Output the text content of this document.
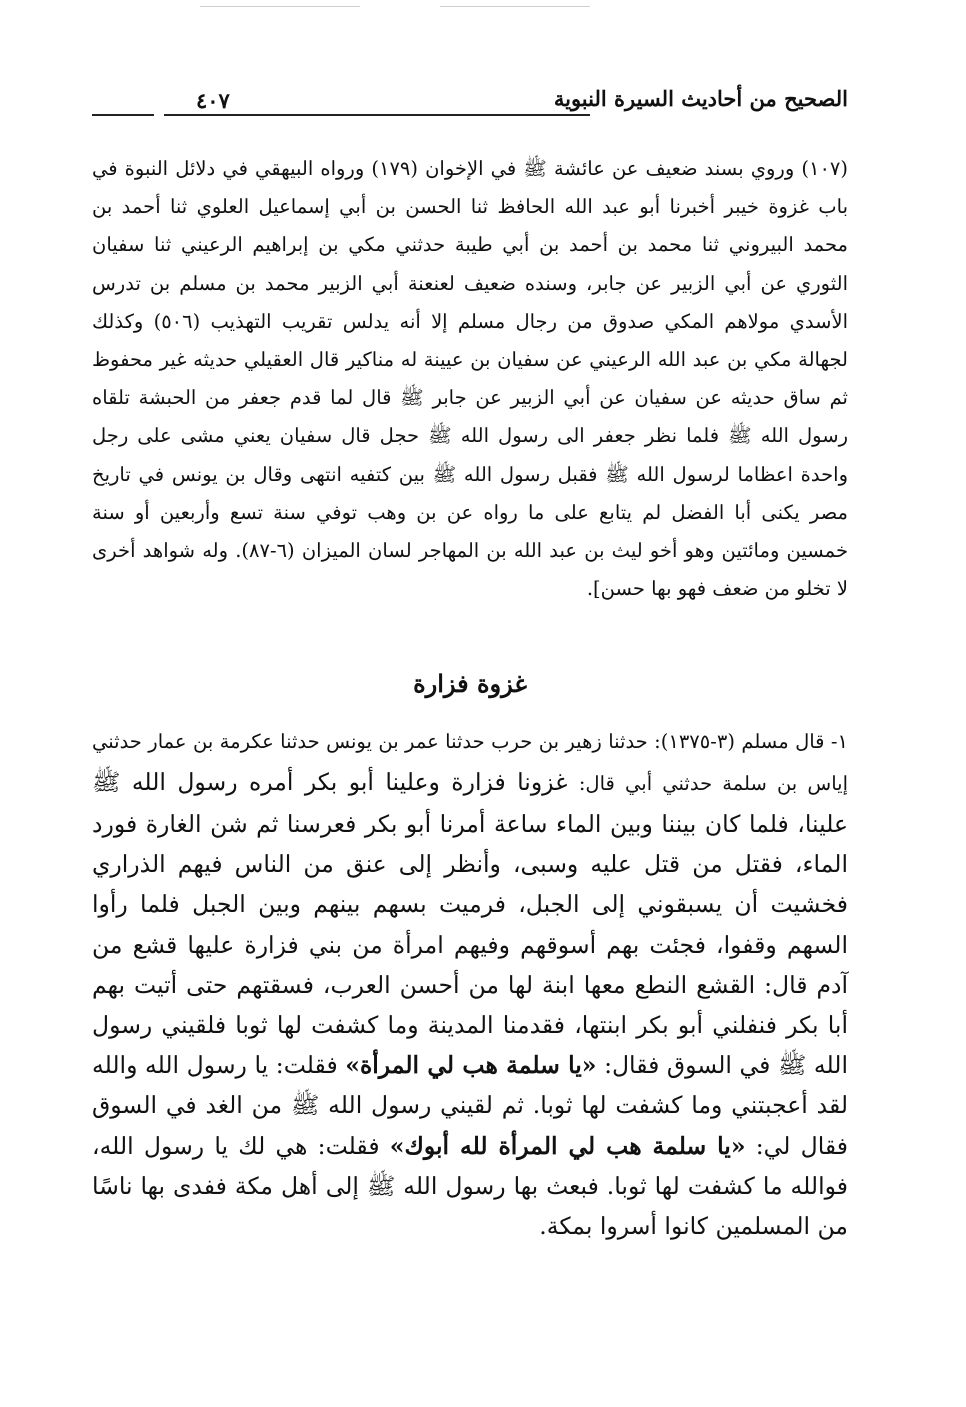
الصحيح من أحاديث السيرة النبوية
٤٠٧
(١٠٧) وروي بسند ضعيف عن عائشة ﷺ في الإخوان (١٧٩) ورواه البيهقي في دلائل النبوة في باب غزوة خيبر أخبرنا أبو عبد الله الحافظ ثنا الحسن بن أبي إسماعيل العلوي ثنا أحمد بن محمد البيروني ثنا محمد بن أحمد بن أبي طيبة حدثني مكي بن إبراهيم الرعيني ثنا سفيان الثوري عن أبي الزبير عن جابر، وسنده ضعيف لعنعنة أبي الزبير محمد بن مسلم بن تدرس الأسدي مولاهم المكي صدوق من رجال مسلم إلا أنه يدلس تقريب التهذيب (٥٠٦) وكذلك لجهالة مكي بن عبد الله الرعيني عن سفيان بن عيينة له مناكير قال العقيلي حديثه غير محفوظ ثم ساق حديثه عن سفيان عن أبي الزبير عن جابر ﷺ قال لما قدم جعفر من الحبشة تلقاه رسول الله ﷺ فلما نظر جعفر الى رسول الله ﷺ حجل قال سفيان يعني مشى على رجل واحدة اعظاما لرسول الله ﷺ فقبل رسول الله ﷺ بين كتفيه انتهى وقال بن يونس في تاريخ مصر يكنى أبا الفضل لم يتابع على ما رواه عن بن وهب توفي سنة تسع وأربعين أو سنة خمسين ومائتين وهو أخو ليث بن عبد الله بن المهاجر لسان الميزان (٦-٨٧). وله شواهد أخرى لا تخلو من ضعف فهو بها حسن].
غزوة فزارة
١- قال مسلم (٣-١٣٧٥): حدثنا زهير بن حرب حدثنا عمر بن يونس حدثنا عكرمة بن عمار حدثني إياس بن سلمة حدثني أبي قال: غزونا فزارة وعلينا أبو بكر أمره رسول الله ﷺ علينا، فلما كان بيننا وبين الماء ساعة أمرنا أبو بكر فعرسنا ثم شن الغارة فورد الماء، فقتل من قتل عليه وسبى، وأنظر إلى عنق من الناس فيهم الذراري فخشيت أن يسبقوني إلى الجبل، فرميت بسهم بينهم وبين الجبل فلما رأوا السهم وقفوا، فجئت بهم أسوقهم وفيهم امرأة من بني فزارة عليها قشع من آدم قال: القشع النطع معها ابنة لها من أحسن العرب، فسقتهم حتى أتيت بهم أبا بكر فنفلني أبو بكر ابنتها، فقدمنا المدينة وما كشفت لها ثوبا فلقيني رسول الله ﷺ في السوق فقال: «يا سلمة هب لي المرأة» فقلت: يا رسول الله والله لقد أعجبتني وما كشفت لها ثوبا. ثم لقيني رسول الله ﷺ من الغد في السوق فقال لي: «يا سلمة هب لي المرأة لله أبوك» فقلت: هي لك يا رسول الله، فوالله ما كشفت لها ثوبا. فبعث بها رسول الله ﷺ إلى أهل مكة ففدى بها ناسًا من المسلمين كانوا أسروا بمكة.
